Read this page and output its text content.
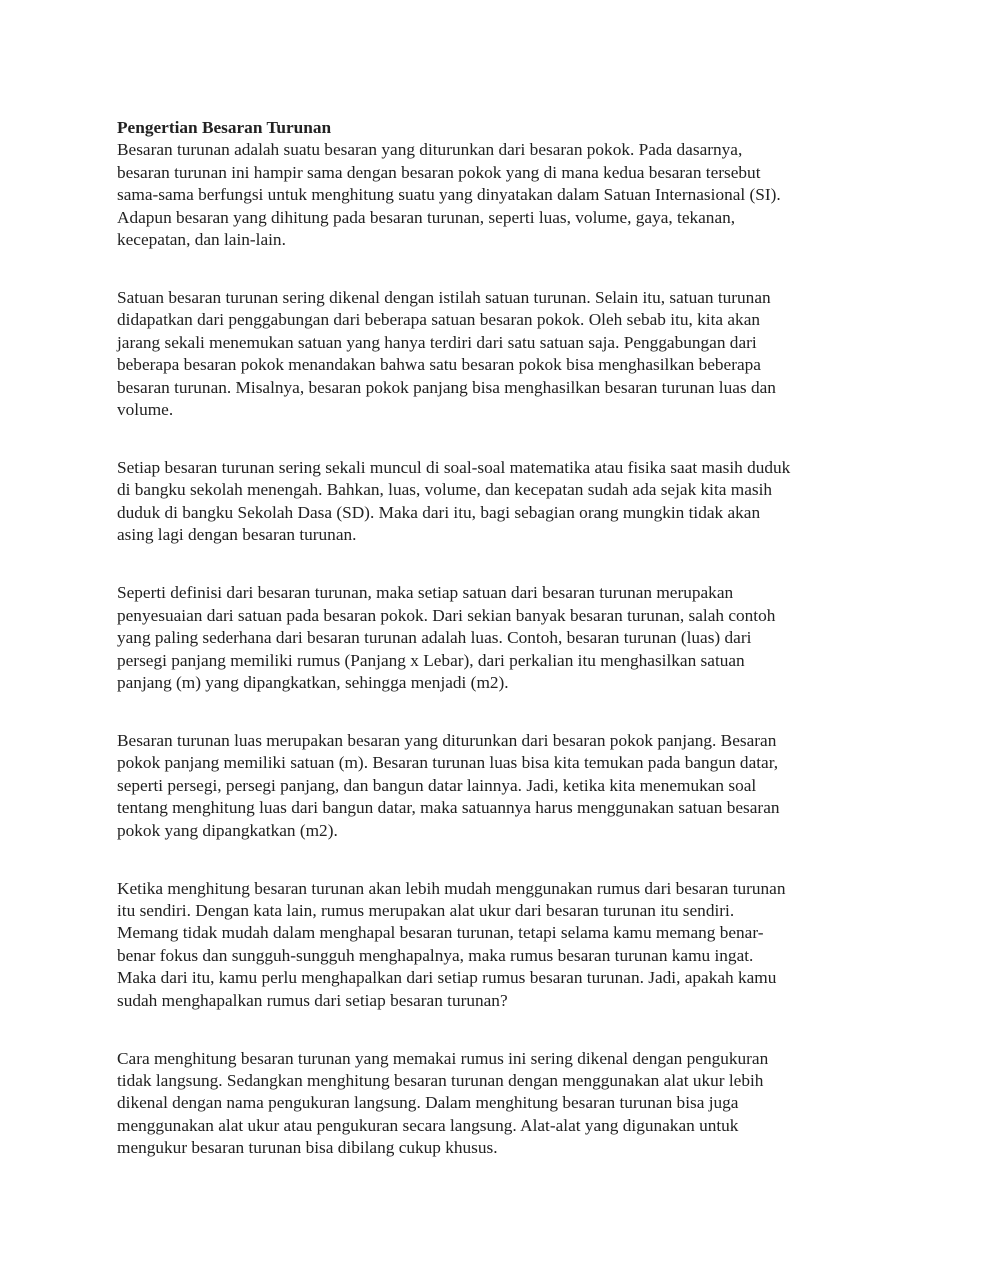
Pengertian Besaran Turunan

Besaran turunan adalah suatu besaran yang diturunkan dari besaran pokok. Pada dasarnya,
besaran turunan ini hampir sama dengan besaran pokok yang di mana kedua besaran tersebut
sama-sama berfungsi untuk menghitung suatu yang dinyatakan dalam Satuan Internasional (SI).
Adapun besaran yang dihitung pada besaran turunan, seperti luas, volume, gaya, tekanan,
kecepatan, dan lain-lain.

Satuan besaran turunan sering dikenal dengan istilah satuan turunan. Selain itu, satuan turunan
didapatkan dari penggabungan dari beberapa satuan besaran pokok. Oleh sebab itu, kita akan
jarang sekali menemukan satuan yang hanya terdiri dari satu satuan saja. Penggabungan dari
beberapa besaran pokok menandakan bahwa satu besaran pokok bisa menghasilkan beberapa
besaran turunan. Misalnya, besaran pokok panjang bisa menghasilkan besaran turunan luas dan
volume.

Setiap besaran turunan sering sekali muncul di soal-soal matematika atau fisika saat masih duduk
di bangku sekolah menengah. Bahkan, luas, volume, dan kecepatan sudah ada sejak kita masih
duduk di bangku Sekolah Dasa (SD). Maka dari itu, bagi sebagian orang mungkin tidak akan
asing lagi dengan besaran turunan.

Seperti definisi dari besaran turunan, maka setiap satuan dari besaran turunan merupakan
penyesuaian dari satuan pada besaran pokok. Dari sekian banyak besaran turunan, salah contoh
yang paling sederhana dari besaran turunan adalah luas. Contoh, besaran turunan (luas) dari
persegi panjang memiliki rumus (Panjang x Lebar), dari perkalian itu menghasilkan satuan
panjang (m) yang dipangkatkan, sehingga menjadi (m2).

Besaran turunan luas merupakan besaran yang diturunkan dari besaran pokok panjang. Besaran
pokok panjang memiliki satuan (m). Besaran turunan luas bisa kita temukan pada bangun datar,
seperti persegi, persegi panjang, dan bangun datar lainnya. Jadi, ketika kita menemukan soal
tentang menghitung luas dari bangun datar, maka satuannya harus menggunakan satuan besaran
pokok yang dipangkatkan (m2).

Ketika menghitung besaran turunan akan lebih mudah menggunakan rumus dari besaran turunan
itu sendiri. Dengan kata lain, rumus merupakan alat ukur dari besaran turunan itu sendiri.
Memang tidak mudah dalam menghapal besaran turunan, tetapi selama kamu memang benar-
benar fokus dan sungguh-sungguh menghapalnya, maka rumus besaran turunan kamu ingat.
Maka dari itu, kamu perlu menghapalkan dari setiap rumus besaran turunan. Jadi, apakah kamu
sudah menghapalkan rumus dari setiap besaran turunan?

Cara menghitung besaran turunan yang memakai rumus ini sering dikenal dengan pengukuran
tidak langsung. Sedangkan menghitung besaran turunan dengan menggunakan alat ukur lebih
dikenal dengan nama pengukuran langsung. Dalam menghitung besaran turunan bisa juga
menggunakan alat ukur atau pengukuran secara langsung. Alat-alat yang digunakan untuk
mengukur besaran turunan bisa dibilang cukup khusus.
